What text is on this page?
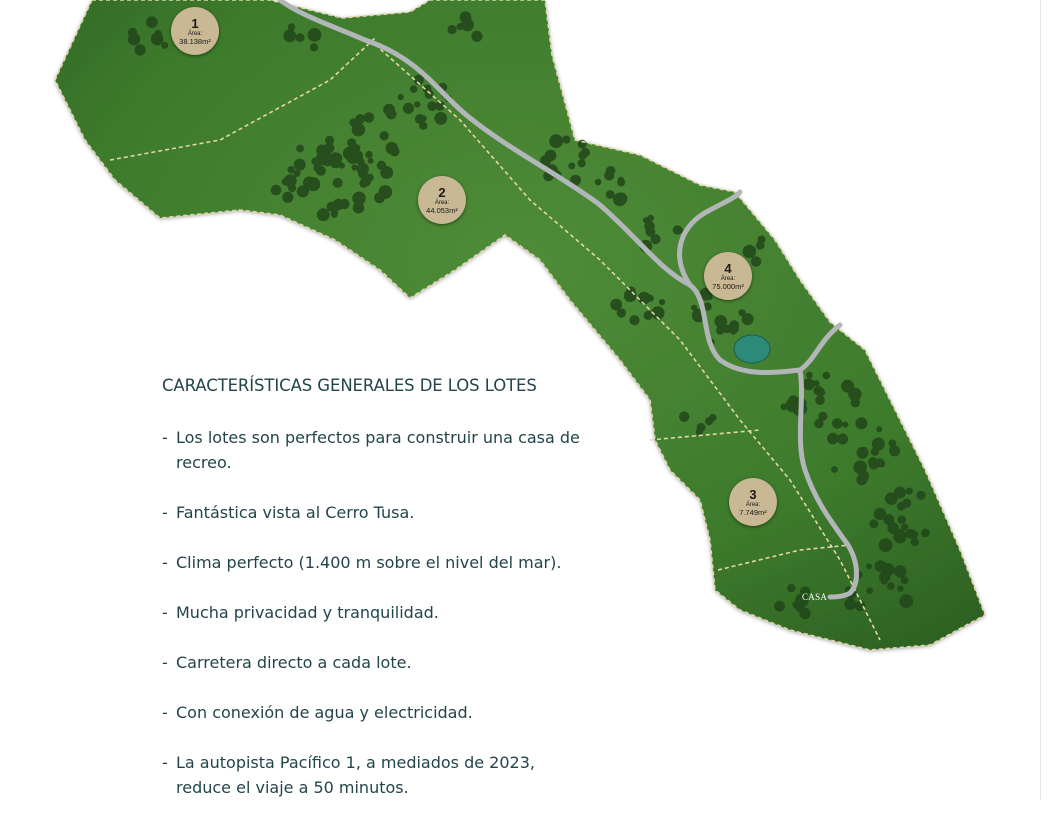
1
Área:
38.138m²
2
Área:
44.053m²
4
Área:
75.000m²
3
Área:
7.749m²
CASA
CARACTERÍSTICAS GENERALES DE LOS LOTES
- Los lotes son perfectos para construir una casa de recreo.
- Fantástica vista al Cerro Tusa.
- Clima perfecto (1.400 m sobre el nivel del mar).
- Mucha privacidad y tranquilidad.
- Carretera directo a cada lote.
- Con conexión de agua y electricidad.
- La autopista Pacífico 1, a mediados de 2023, reduce el viaje a 50 minutos.
